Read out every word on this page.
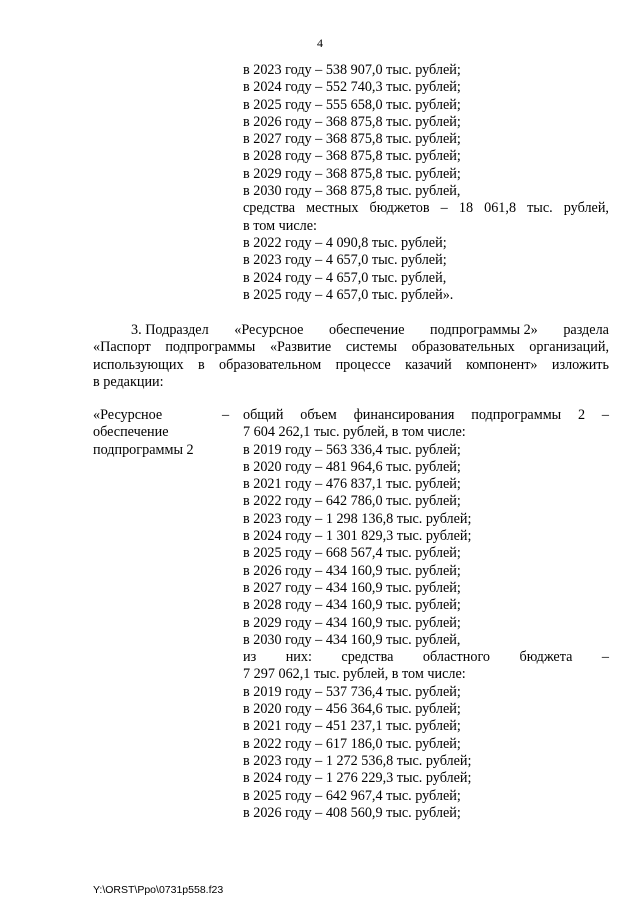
4
в 2023 году – 538 907,0 тыс. рублей;
в 2024 году – 552 740,3 тыс. рублей;
в 2025 году – 555 658,0 тыс. рублей;
в 2026 году – 368 875,8 тыс. рублей;
в 2027 году – 368 875,8 тыс. рублей;
в 2028 году – 368 875,8 тыс. рублей;
в 2029 году – 368 875,8 тыс. рублей;
в 2030 году – 368 875,8 тыс. рублей,
средства местных бюджетов – 18 061,8 тыс. рублей,
в том числе:
в 2022 году – 4 090,8 тыс. рублей;
в 2023 году – 4 657,0 тыс. рублей;
в 2024 году – 4 657,0 тыс. рублей,
в 2025 году – 4 657,0 тыс. рублей».
3. Подраздел «Ресурсное обеспечение подпрограммы 2» раздела
«Паспорт подпрограммы «Развитие системы образовательных организаций,
использующих в образовательном процессе казачий компонент» изложить
в редакции:
«Ресурсное
обеспечение
подпрограммы 2
– общий объем финансирования подпрограммы 2 –
7 604 262,1 тыс. рублей, в том числе:
в 2019 году – 563 336,4 тыс. рублей;
в 2020 году – 481 964,6 тыс. рублей;
в 2021 году – 476 837,1 тыс. рублей;
в 2022 году – 642 786,0 тыс. рублей;
в 2023 году – 1 298 136,8 тыс. рублей;
в 2024 году – 1 301 829,3 тыс. рублей;
в 2025 году – 668 567,4 тыс. рублей;
в 2026 году – 434 160,9 тыс. рублей;
в 2027 году – 434 160,9 тыс. рублей;
в 2028 году – 434 160,9 тыс. рублей;
в 2029 году – 434 160,9 тыс. рублей;
в 2030 году – 434 160,9 тыс. рублей,
из них: средства областного бюджета –
7 297 062,1 тыс. рублей, в том числе:
в 2019 году – 537 736,4 тыс. рублей;
в 2020 году – 456 364,6 тыс. рублей;
в 2021 году – 451 237,1 тыс. рублей;
в 2022 году – 617 186,0 тыс. рублей;
в 2023 году – 1 272 536,8 тыс. рублей;
в 2024 году – 1 276 229,3 тыс. рублей;
в 2025 году – 642 967,4 тыс. рублей;
в 2026 году – 408 560,9 тыс. рублей;
Y:\ORST\Ppo\0731p558.f23
